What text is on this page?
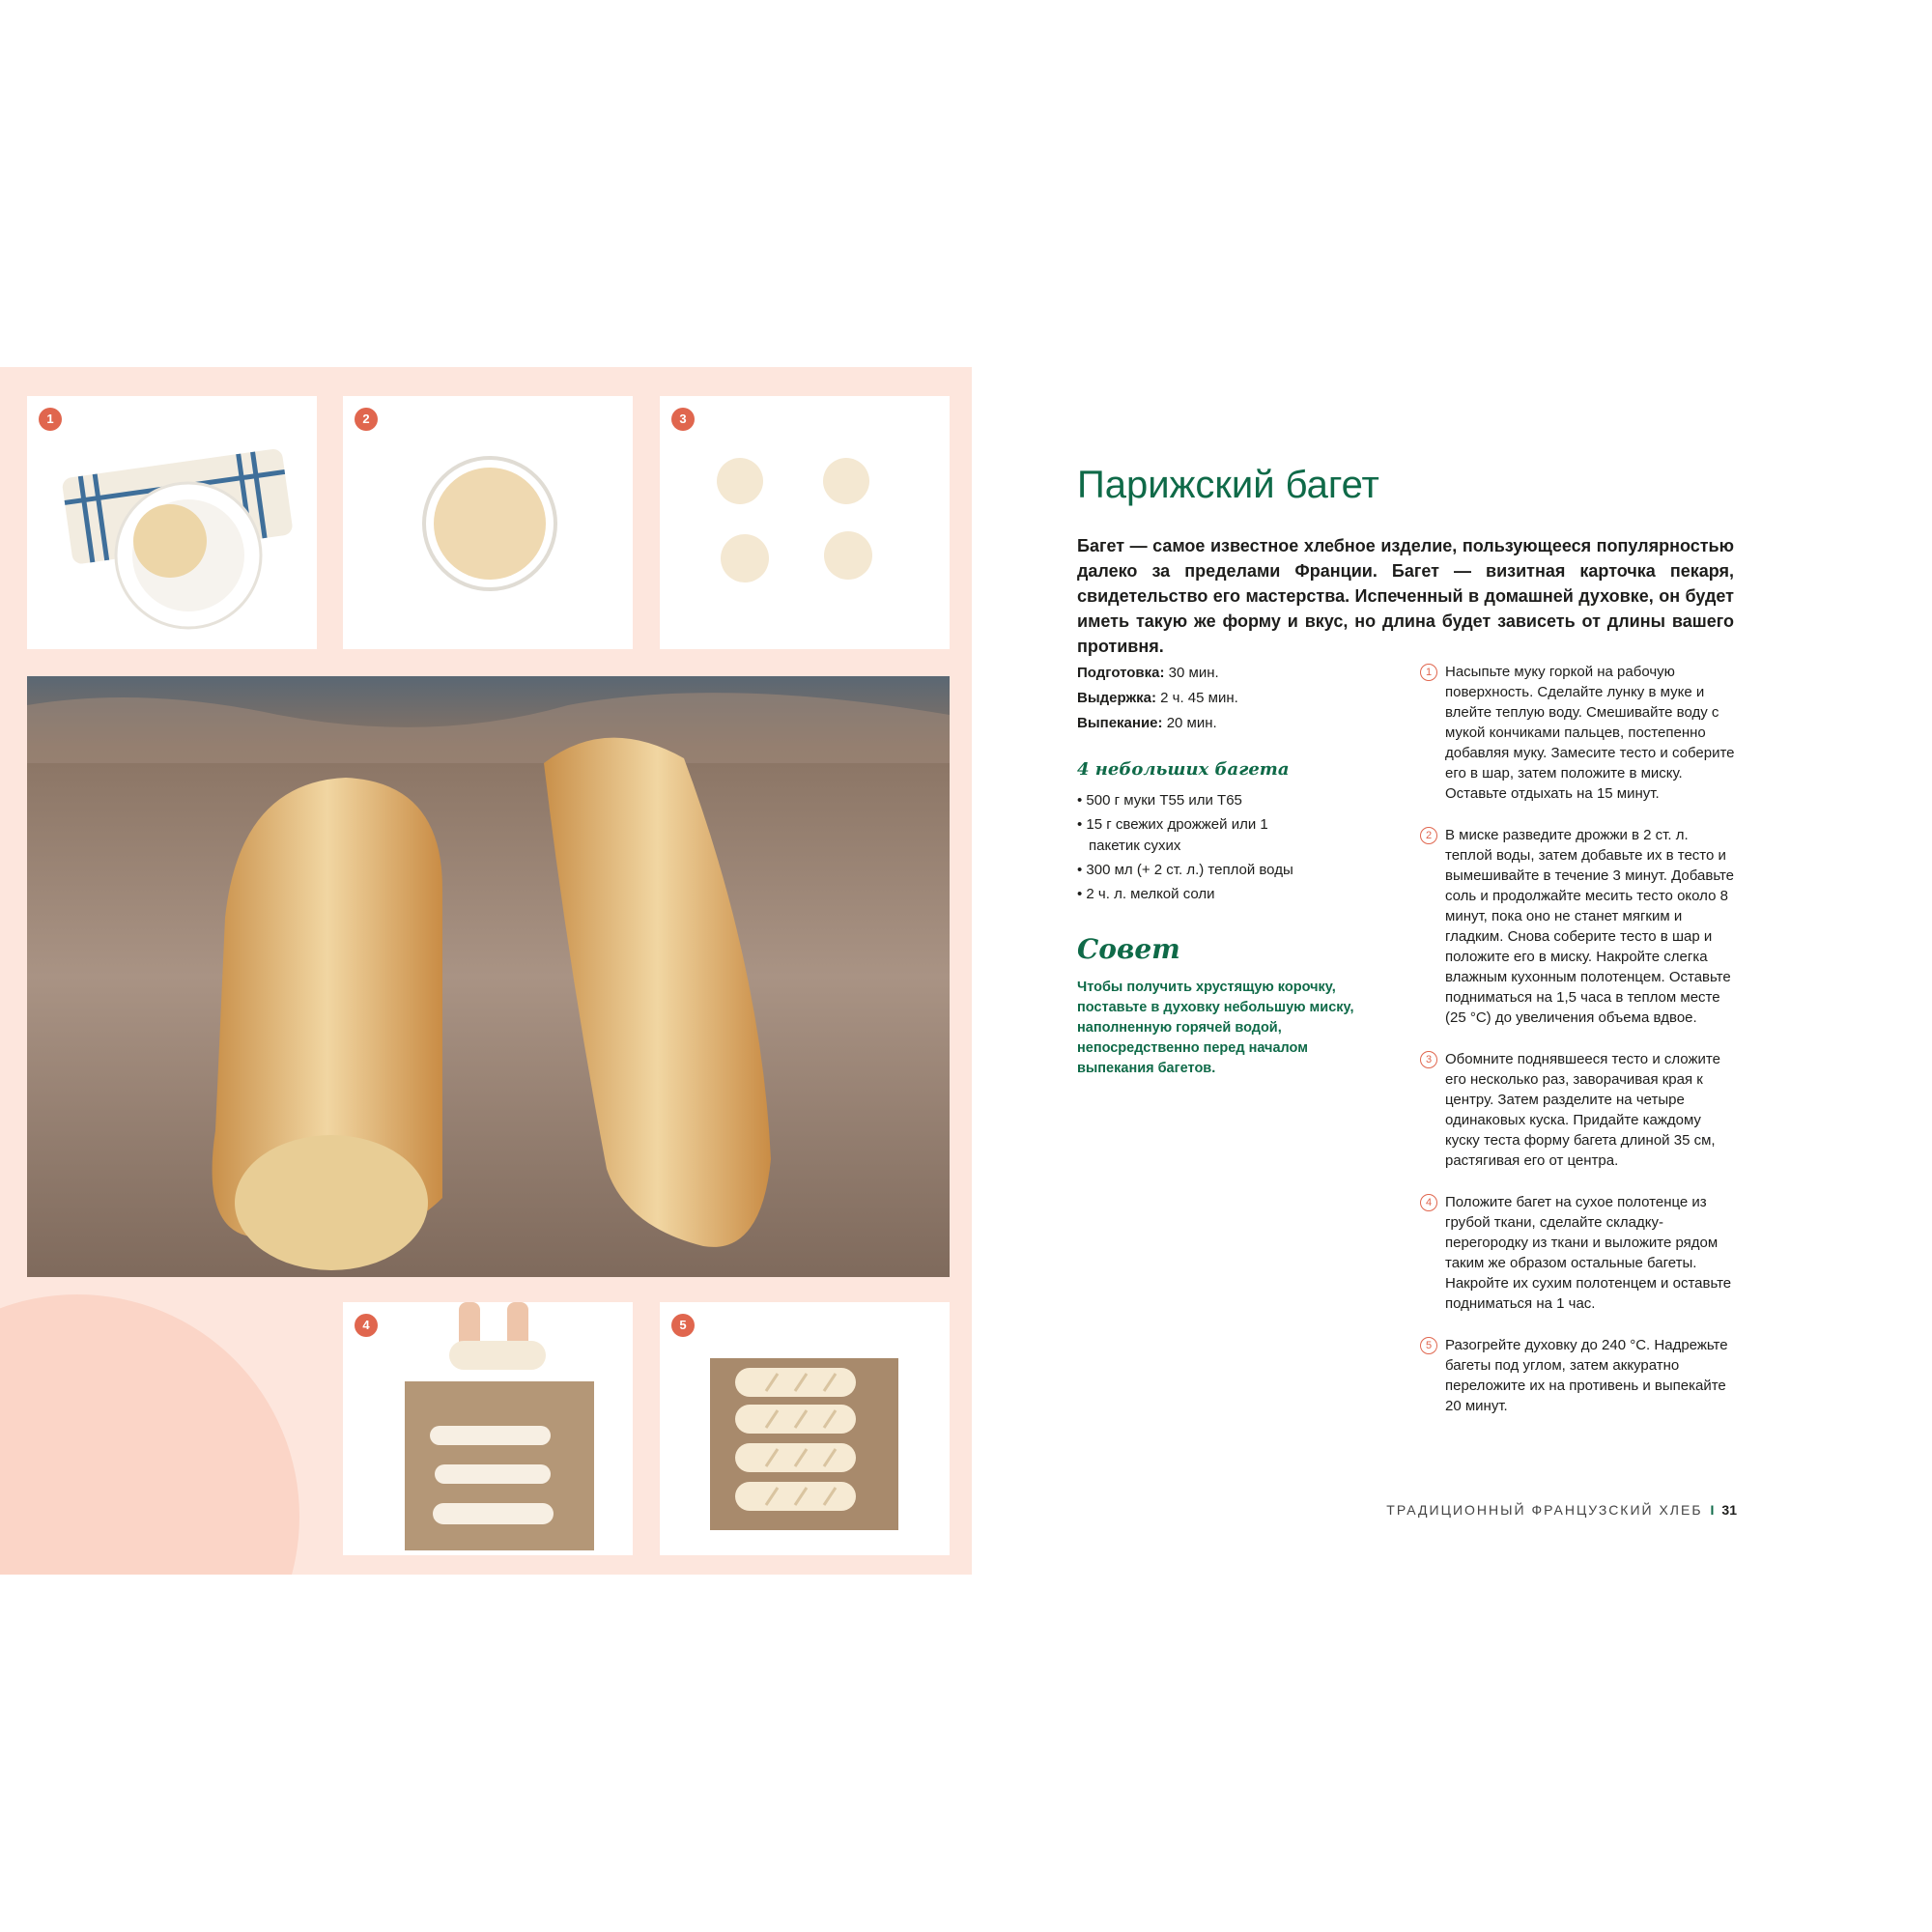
1	2	3
4	5
Парижский багет

Багет — самое известное хлебное изделие, пользующееся популярностью далеко за пределами Франции. Багет — визитная карточка пекаря, свидетельство его мастерства. Испеченный в домашней духовке, он будет иметь такую же форму и вкус, но длина будет зависеть от длины вашего противня.

Подготовка: 30 мин.
Выдержка: 2 ч. 45 мин.
Выпекание: 20 мин.
4 небольших багета
• 500 г муки Т55 или Т65
• 15 г свежих дрожжей или 1 пакетик сухих
• 300 мл (+ 2 ст. л.) теплой воды
• 2 ч. л. мелкой соли
Совет

Чтобы получить хрустящую корочку, поставьте в духовку небольшую миску, наполненную горячей водой, непосредственно перед началом выпекания багетов.

1 Насыпьте муку горкой на рабочую поверхность. Сделайте лунку в муке и влейте теплую воду. Смешивайте воду с мукой кончиками пальцев, постепенно добавляя муку. Замесите тесто и соберите его в шар, затем положите в миску. Оставьте отдыхать на 15 минут.
2 В миске разведите дрожжи в 2 ст. л. теплой воды, затем добавьте их в тесто и вымешивайте в течение 3 минут. Добавьте соль и продолжайте месить тесто около 8 минут, пока оно не станет мягким и гладким. Снова соберите тесто в шар и положите его в миску. Накройте слегка влажным кухонным полотенцем. Оставьте подниматься на 1,5 часа в теплом месте (25 °C) до увеличения объема вдвое.
3 Обомните поднявшееся тесто и сложите его несколько раз, заворачивая края к центру. Затем разделите на четыре одинаковых куска. Придайте каждому куску теста форму багета длиной 35 см, растягивая его от центра.
4 Положите багет на сухое полотенце из грубой ткани, сделайте складку-перегородку из ткани и выложите рядом таким же образом остальные багеты. Накройте их сухим полотенцем и оставьте подниматься на 1 час.
5 Разогрейте духовку до 240 °C. Надрежьте багеты под углом, затем аккуратно переложите их на противень и выпекайте 20 минут.
ТРАДИЦИОННЫЙ ФРАНЦУЗСКИЙ ХЛЕБ I 31
